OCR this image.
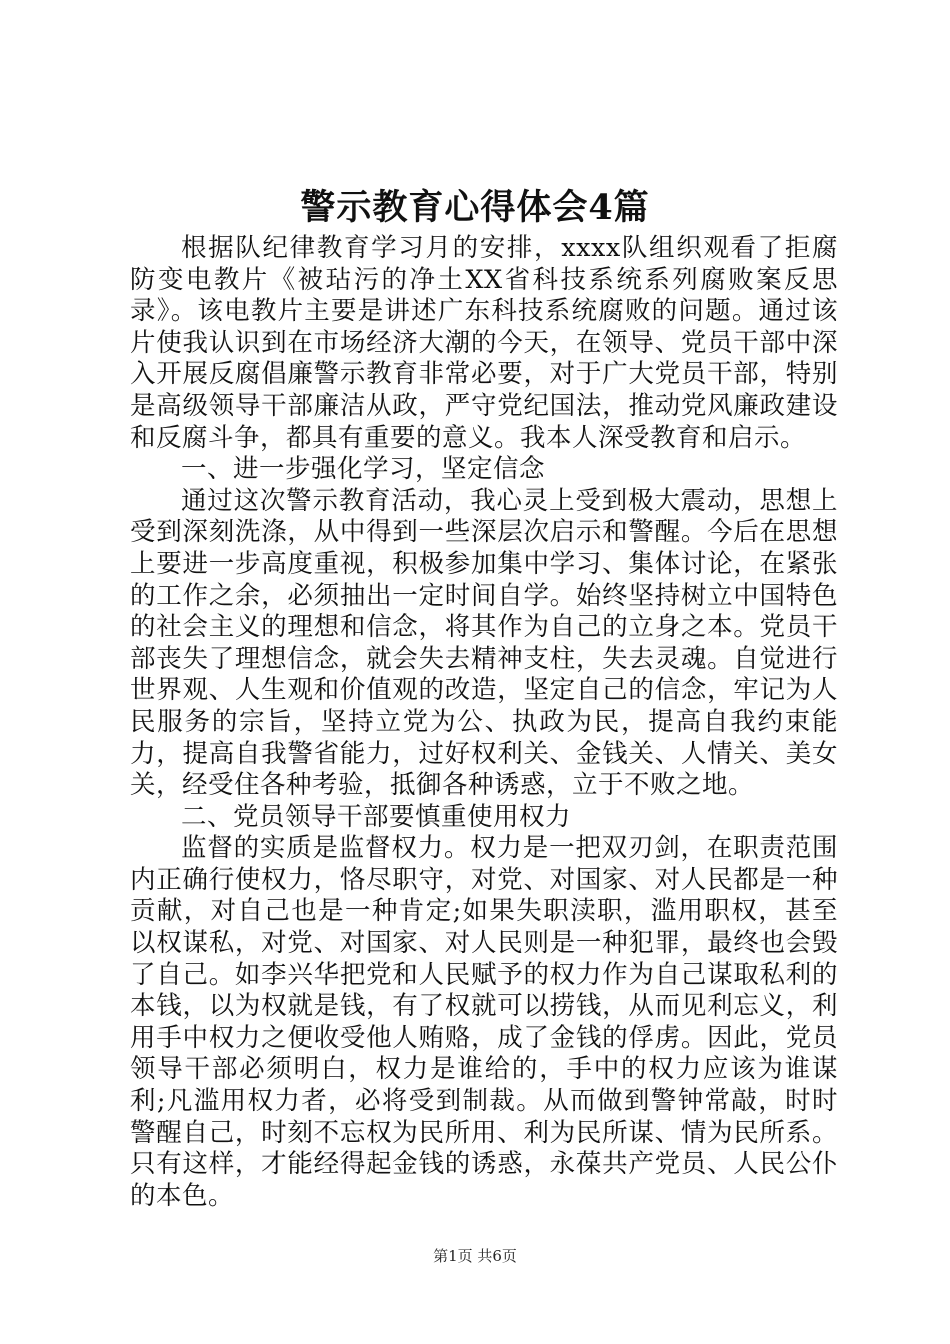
警示教育心得体会4篇

根据队纪律教育学习月的安排，xxxx队组织观看了拒腐防变电教片《被玷污的净土XX省科技系统系列腐败案反思录》。该电教片主要是讲述广东科技系统腐败的问题。通过该片使我认识到在市场经济大潮的今天，在领导、党员干部中深入开展反腐倡廉警示教育非常必要，对于广大党员干部，特别是高级领导干部廉洁从政，严守党纪国法，推动党风廉政建设和反腐斗争，都具有重要的意义。我本人深受教育和启示。

一、进一步强化学习，坚定信念

通过这次警示教育活动，我心灵上受到极大震动，思想上受到深刻洗涤，从中得到一些深层次启示和警醒。今后在思想上要进一步高度重视，积极参加集中学习、集体讨论，在紧张的工作之余，必须抽出一定时间自学。始终坚持树立中国特色的社会主义的理想和信念，将其作为自己的立身之本。党员干部丧失了理想信念，就会失去精神支柱，失去灵魂。自觉进行世界观、人生观和价值观的改造，坚定自己的信念，牢记为人民服务的宗旨，坚持立党为公、执政为民，提高自我约束能力，提高自我警省能力，过好权利关、金钱关、人情关、美女关，经受住各种考验，抵御各种诱惑，立于不败之地。

二、党员领导干部要慎重使用权力

监督的实质是监督权力。权力是一把双刃剑，在职责范围内正确行使权力，恪尽职守，对党、对国家、对人民都是一种贡献，对自己也是一种肯定;如果失职渎职，滥用职权，甚至以权谋私，对党、对国家、对人民则是一种犯罪，最终也会毁了自己。如李兴华把党和人民赋予的权力作为自己谋取私利的本钱，以为权就是钱，有了权就可以捞钱，从而见利忘义，利用手中权力之便收受他人贿赂，成了金钱的俘虏。因此，党员领导干部必须明白，权力是谁给的，手中的权力应该为谁谋利;凡滥用权力者，必将受到制裁。从而做到警钟常敲，时时警醒自己，时刻不忘权为民所用、利为民所谋、情为民所系。只有这样，才能经得起金钱的诱惑，永葆共产党员、人民公仆的本色。

第1页 共6页
